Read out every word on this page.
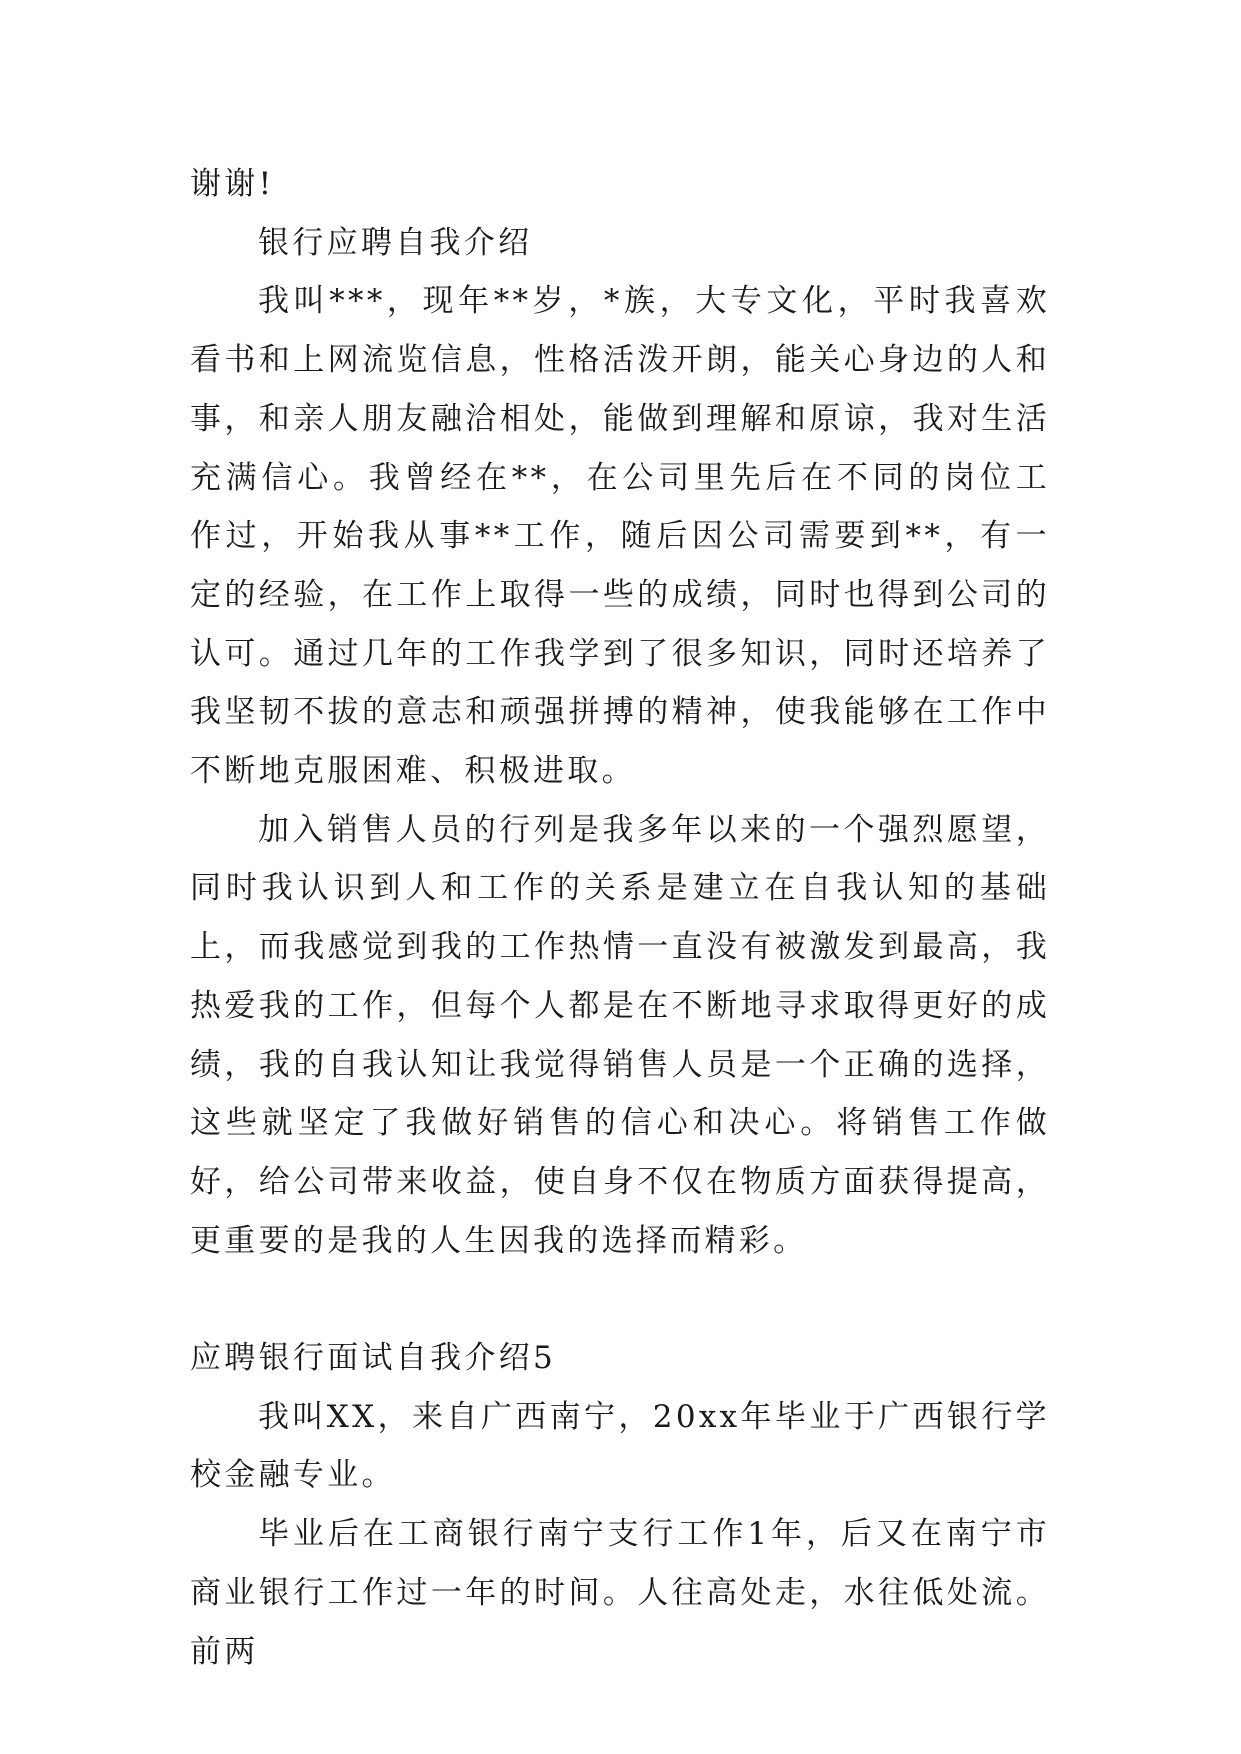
谢谢!

银行应聘自我介绍

我叫***，现年**岁，*族，大专文化，平时我喜欢看书和上网流览信息，性格活泼开朗，能关心身边的人和事，和亲人朋友融洽相处，能做到理解和原谅，我对生活充满信心。我曾经在**，在公司里先后在不同的岗位工作过，开始我从事**工作，随后因公司需要到**，有一定的经验，在工作上取得一些的成绩，同时也得到公司的认可。通过几年的工作我学到了很多知识，同时还培养了我坚韧不拔的意志和顽强拼搏的精神，使我能够在工作中不断地克服困难、积极进取。

加入销售人员的行列是我多年以来的一个强烈愿望，同时我认识到人和工作的关系是建立在自我认知的基础上，而我感觉到我的工作热情一直没有被激发到最高，我热爱我的工作，但每个人都是在不断地寻求取得更好的成绩，我的自我认知让我觉得销售人员是一个正确的选择，这些就坚定了我做好销售的信心和决心。将销售工作做好，给公司带来收益，使自身不仅在物质方面获得提高，更重要的是我的人生因我的选择而精彩。

应聘银行面试自我介绍5

我叫XX，来自广西南宁，20xx年毕业于广西银行学校金融专业。

毕业后在工商银行南宁支行工作1年，后又在南宁市商业银行工作过一年的时间。人往高处走，水往低处流。前两
